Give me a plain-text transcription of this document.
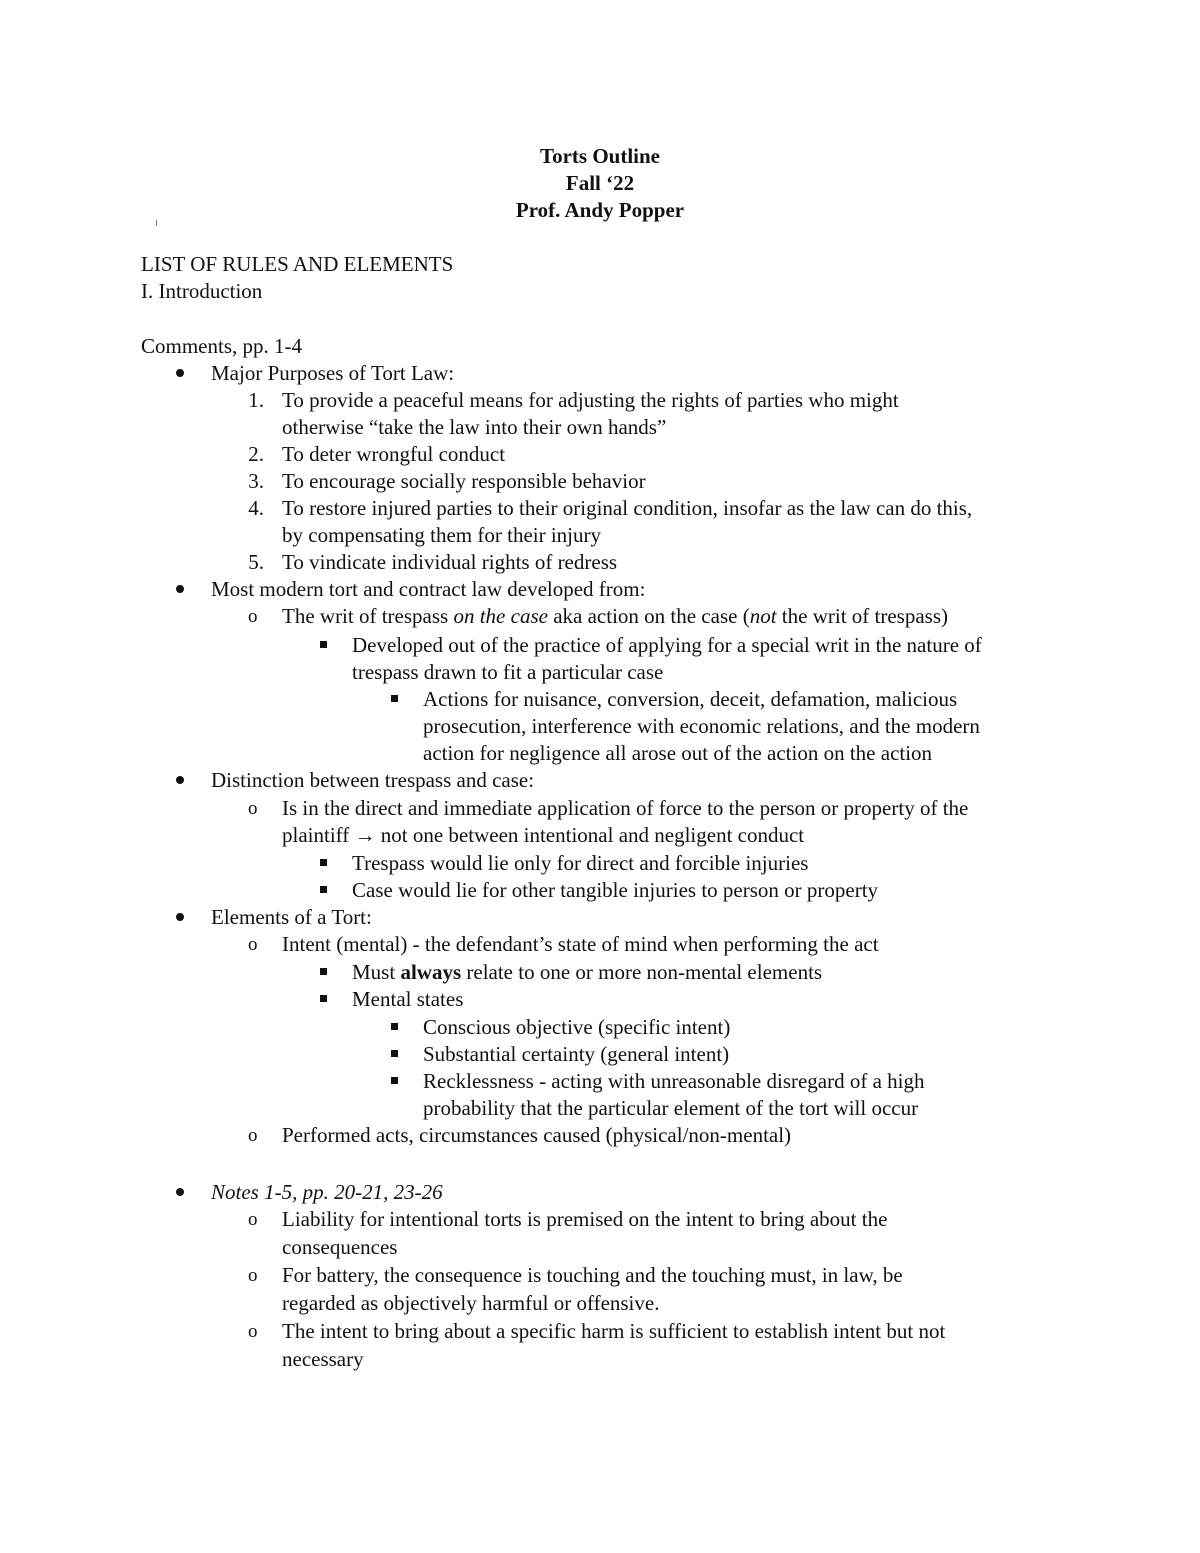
Torts Outline
Fall ‘22
Prof. Andy Popper
LIST OF RULES AND ELEMENTS
I. Introduction
Comments, pp. 1-4
Major Purposes of Tort Law:
1. To provide a peaceful means for adjusting the rights of parties who might
otherwise “take the law into their own hands”
2. To deter wrongful conduct
3. To encourage socially responsible behavior
4. To restore injured parties to their original condition, insofar as the law can do this,
by compensating them for their injury
5. To vindicate individual rights of redress
Most modern tort and contract law developed from:
o The writ of trespass on the case aka action on the case (not the writ of trespass)
Developed out of the practice of applying for a special writ in the nature of
trespass drawn to fit a particular case
Actions for nuisance, conversion, deceit, defamation, malicious
prosecution, interference with economic relations, and the modern
action for negligence all arose out of the action on the action
Distinction between trespass and case:
o Is in the direct and immediate application of force to the person or property of the
plaintiff → not one between intentional and negligent conduct
Trespass would lie only for direct and forcible injuries
Case would lie for other tangible injuries to person or property
Elements of a Tort:
o Intent (mental) - the defendant’s state of mind when performing the act
Must always relate to one or more non-mental elements
Mental states
Conscious objective (specific intent)
Substantial certainty (general intent)
Recklessness - acting with unreasonable disregard of a high
probability that the particular element of the tort will occur
o Performed acts, circumstances caused (physical/non-mental)
Notes 1-5, pp. 20-21, 23-26
o Liability for intentional torts is premised on the intent to bring about the
consequences
o For battery, the consequence is touching and the touching must, in law, be
regarded as objectively harmful or offensive.
o The intent to bring about a specific harm is sufficient to establish intent but not
necessary
